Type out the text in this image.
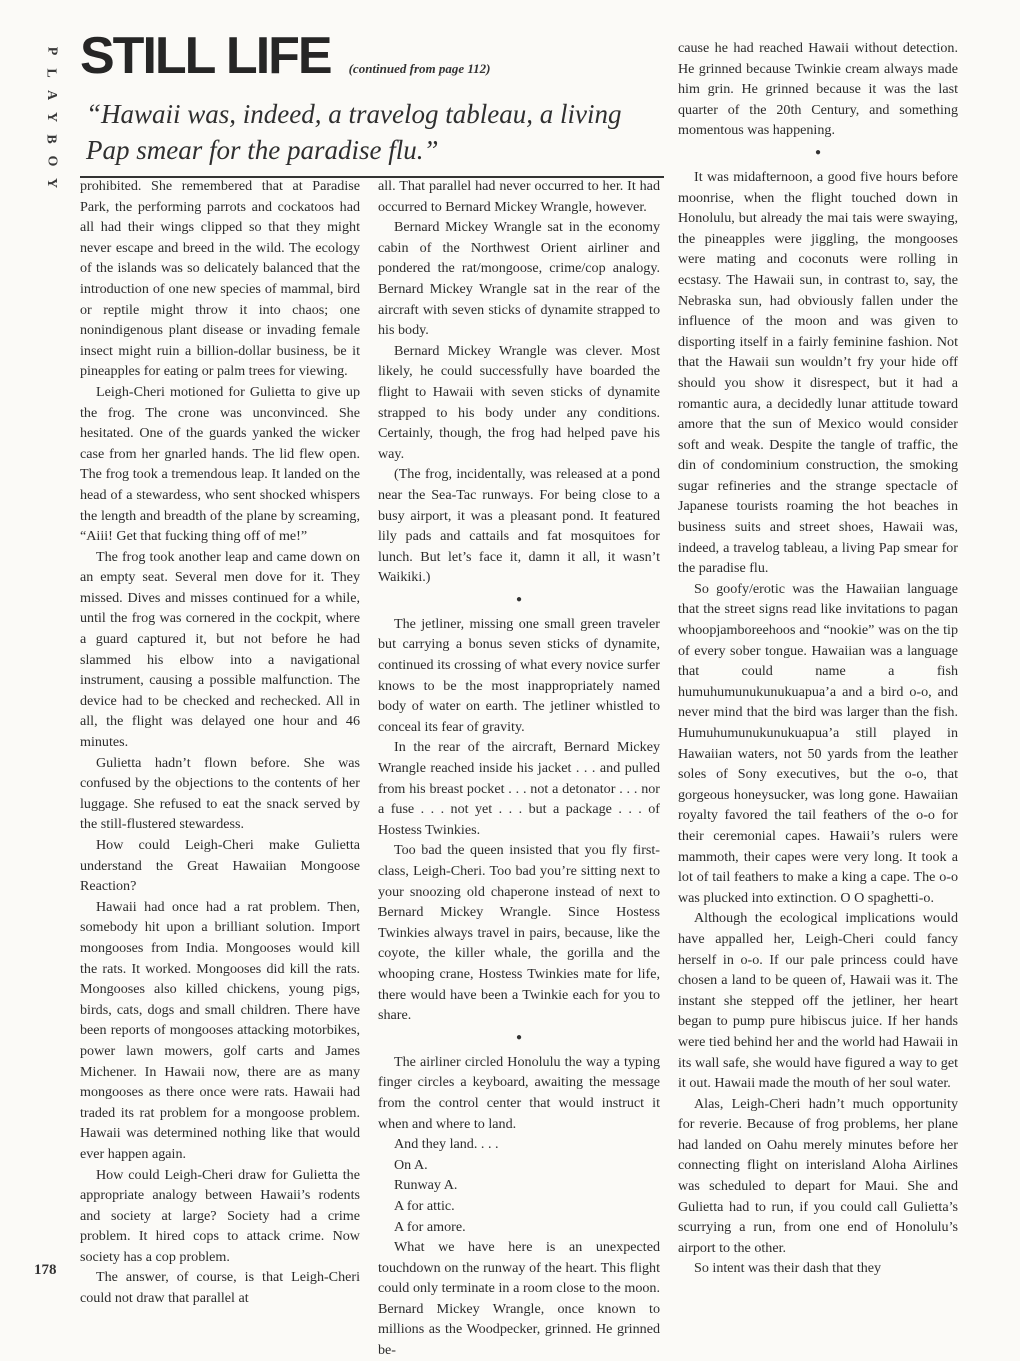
P
L
A
Y
B
O
Y
STILL LIFE (continued from page 112)
“Hawaii was, indeed, a travelog tableau, a living Pap smear for the paradise flu.”

prohibited. She remembered that at Paradise Park, the performing parrots and cockatoos had all had their wings clipped so that they might never escape and breed in the wild. The ecology of the islands was so delicately balanced that the introduction of one new species of mammal, bird or reptile might throw it into chaos; one nonindigenous plant disease or invading female insect might ruin a billion-dollar business, be it pineapples for eating or palm trees for viewing.

Leigh-Cheri motioned for Gulietta to give up the frog. The crone was unconvinced. She hesitated. One of the guards yanked the wicker case from her gnarled hands. The lid flew open. The frog took a tremendous leap. It landed on the head of a stewardess, who sent shocked whispers the length and breadth of the plane by screaming, “Aiii! Get that fucking thing off of me!”

The frog took another leap and came down on an empty seat. Several men dove for it. They missed. Dives and misses continued for a while, until the frog was cornered in the cockpit, where a guard captured it, but not before he had slammed his elbow into a navigational instrument, causing a possible malfunction. The device had to be checked and rechecked. All in all, the flight was delayed one hour and 46 minutes.

Gulietta hadn’t flown before. She was confused by the objections to the contents of her luggage. She refused to eat the snack served by the still-flustered stewardess.

How could Leigh-Cheri make Gulietta understand the Great Hawaiian Mongoose Reaction?

Hawaii had once had a rat problem. Then, somebody hit upon a brilliant solution. Import mongooses from India. Mongooses would kill the rats. It worked. Mongooses did kill the rats. Mongooses also killed chickens, young pigs, birds, cats, dogs and small children. There have been reports of mongooses attacking motorbikes, power lawn mowers, golf carts and James Michener. In Hawaii now, there are as many mongooses as there once were rats. Hawaii had traded its rat problem for a mongoose problem. Hawaii was determined nothing like that would ever happen again.

How could Leigh-Cheri draw for Gulietta the appropriate analogy between Hawaii’s rodents and society at large? Society had a crime problem. It hired cops to attack crime. Now society has a cop problem.

The answer, of course, is that Leigh-Cheri could not draw that parallel at

all. That parallel had never occurred to her. It had occurred to Bernard Mickey Wrangle, however.

Bernard Mickey Wrangle sat in the economy cabin of the Northwest Orient airliner and pondered the rat/mongoose, crime/cop analogy. Bernard Mickey Wrangle sat in the rear of the aircraft with seven sticks of dynamite strapped to his body.

Bernard Mickey Wrangle was clever. Most likely, he could successfully have boarded the flight to Hawaii with seven sticks of dynamite strapped to his body under any conditions. Certainly, though, the frog had helped pave his way.

(The frog, incidentally, was released at a pond near the Sea-Tac runways. For being close to a busy airport, it was a pleasant pond. It featured lily pads and cattails and fat mosquitoes for lunch. But let’s face it, damn it all, it wasn’t Waikiki.)

●

The jetliner, missing one small green traveler but carrying a bonus seven sticks of dynamite, continued its crossing of what every novice surfer knows to be the most inappropriately named body of water on earth. The jetliner whistled to conceal its fear of gravity.

In the rear of the aircraft, Bernard Mickey Wrangle reached inside his jacket . . . and pulled from his breast pocket . . . not a detonator . . . nor a fuse . . . not yet . . . but a package . . . of Hostess Twinkies.

Too bad the queen insisted that you fly first-class, Leigh-Cheri. Too bad you’re sitting next to your snoozing old chaperone instead of next to Bernard Mickey Wrangle. Since Hostess Twinkies always travel in pairs, because, like the coyote, the killer whale, the gorilla and the whooping crane, Hostess Twinkies mate for life, there would have been a Twinkie each for you to share.

●

The airliner circled Honolulu the way a typing finger circles a keyboard, awaiting the message from the control center that would instruct it when and where to land.

And they land. . . .

On A.

Runway A.

A for attic.

A for amore.

What we have here is an unexpected touchdown on the runway of the heart. This flight could only terminate in a room close to the moon. Bernard Mickey Wrangle, once known to millions as the Woodpecker, grinned. He grinned be-

cause he had reached Hawaii without detection. He grinned because Twinkie cream always made him grin. He grinned because it was the last quarter of the 20th Century, and something momentous was happening.

●

It was midafternoon, a good five hours before moonrise, when the flight touched down in Honolulu, but already the mai tais were swaying, the pineapples were jiggling, the mongooses were mating and coconuts were rolling in ecstasy. The Hawaii sun, in contrast to, say, the Nebraska sun, had obviously fallen under the influence of the moon and was given to disporting itself in a fairly feminine fashion. Not that the Hawaii sun wouldn’t fry your hide off should you show it disrespect, but it had a romantic aura, a decidedly lunar attitude toward amore that the sun of Mexico would consider soft and weak. Despite the tangle of traffic, the din of condominium construction, the smoking sugar refineries and the strange spectacle of Japanese tourists roaming the hot beaches in business suits and street shoes, Hawaii was, indeed, a travelog tableau, a living Pap smear for the paradise flu.

So goofy/erotic was the Hawaiian language that the street signs read like invitations to pagan whoopjamboreehoos and “nookie” was on the tip of every sober tongue. Hawaiian was a language that could name a fish humuhumunukunukuapua’a and a bird o-o, and never mind that the bird was larger than the fish. Humuhumunukunukuapua’a still played in Hawaiian waters, not 50 yards from the leather soles of Sony executives, but the o-o, that gorgeous honeysucker, was long gone. Hawaiian royalty favored the tail feathers of the o-o for their ceremonial capes. Hawaii’s rulers were mammoth, their capes were very long. It took a lot of tail feathers to make a king a cape. The o-o was plucked into extinction. O O spaghetti-o.

Although the ecological implications would have appalled her, Leigh-Cheri could fancy herself in o-o. If our pale princess could have chosen a land to be queen of, Hawaii was it. The instant she stepped off the jetliner, her heart began to pump pure hibiscus juice. If her hands were tied behind her and the world had Hawaii in its wall safe, she would have figured a way to get it out. Hawaii made the mouth of her soul water.

Alas, Leigh-Cheri hadn’t much opportunity for reverie. Because of frog problems, her plane had landed on Oahu merely minutes before her connecting flight on interisland Aloha Airlines was scheduled to depart for Maui. She and Gulietta had to run, if you could call Gulietta’s scurrying a run, from one end of Honolulu’s airport to the other.

So intent was their dash that they

178
